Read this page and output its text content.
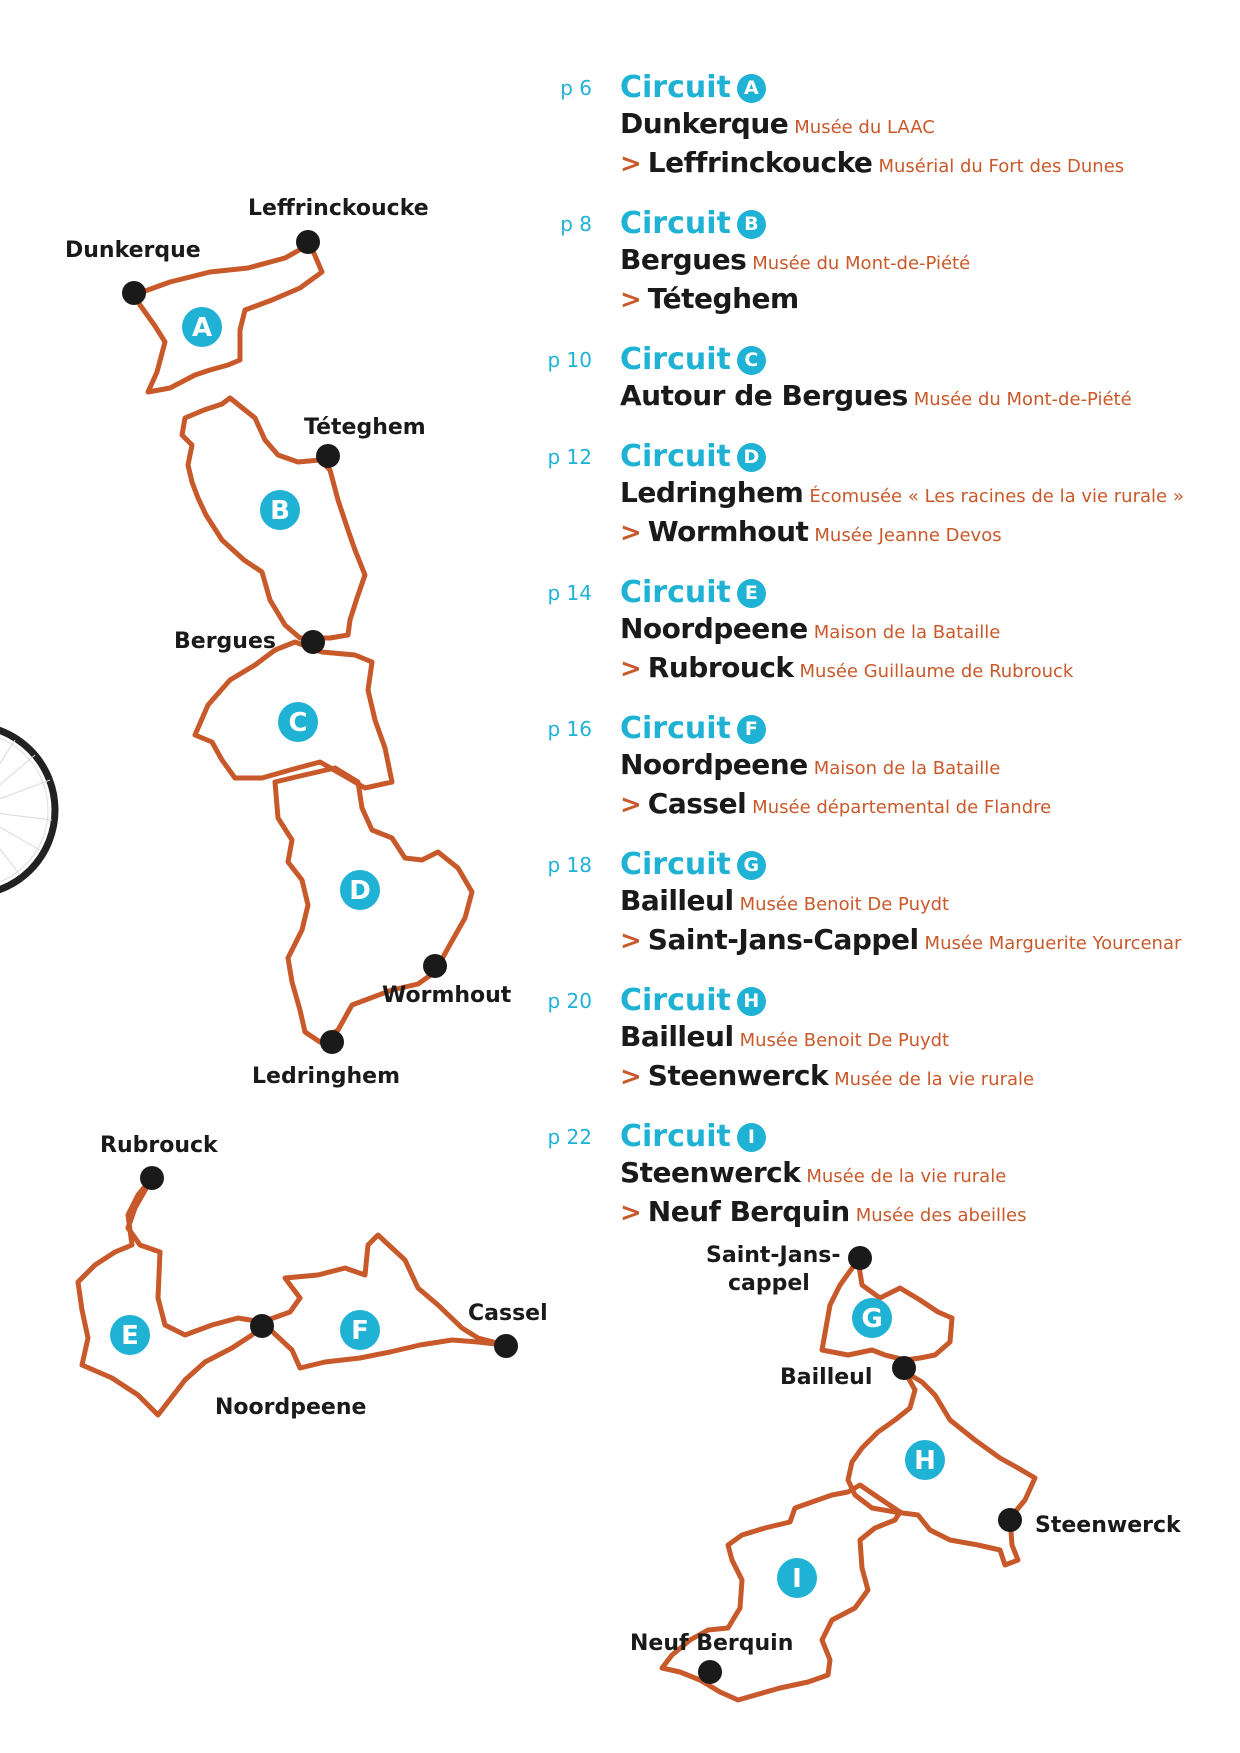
Leffrinckoucke
Dunkerque
Téteghem
Bergues
Wormhout
Ledringhem
Rubrouck
Noordpeene
Cassel
Saint-Jans-
cappel
Bailleul
Steenwerck
Neuf Berquin
A
B
C
D
E	F	G
H
I
p 6 Circuit A
Dunkerque Musée du LAAC
> Leffrinckoucke Musérial du Fort des Dunes
p 8 Circuit B
Bergues Musée du Mont-de-Piété
> Téteghem
p 10 Circuit C
Autour de Bergues Musée du Mont-de-Piété
p 12 Circuit D
Ledringhem Écomusée « Les racines de la vie rurale »
> Wormhout Musée Jeanne Devos
p 14 Circuit E
Noordpeene Maison de la Bataille
> Rubrouck Musée Guillaume de Rubrouck
p 16 Circuit F
Noordpeene Maison de la Bataille
> Cassel Musée départemental de Flandre
p 18 Circuit G
Bailleul Musée Benoit De Puydt
> Saint-Jans-Cappel Musée Marguerite Yourcenar
p 20 Circuit H
Bailleul Musée Benoit De Puydt
> Steenwerck Musée de la vie rurale
p 22 Circuit I
Steenwerck Musée de la vie rurale
> Neuf Berquin Musée des abeilles
